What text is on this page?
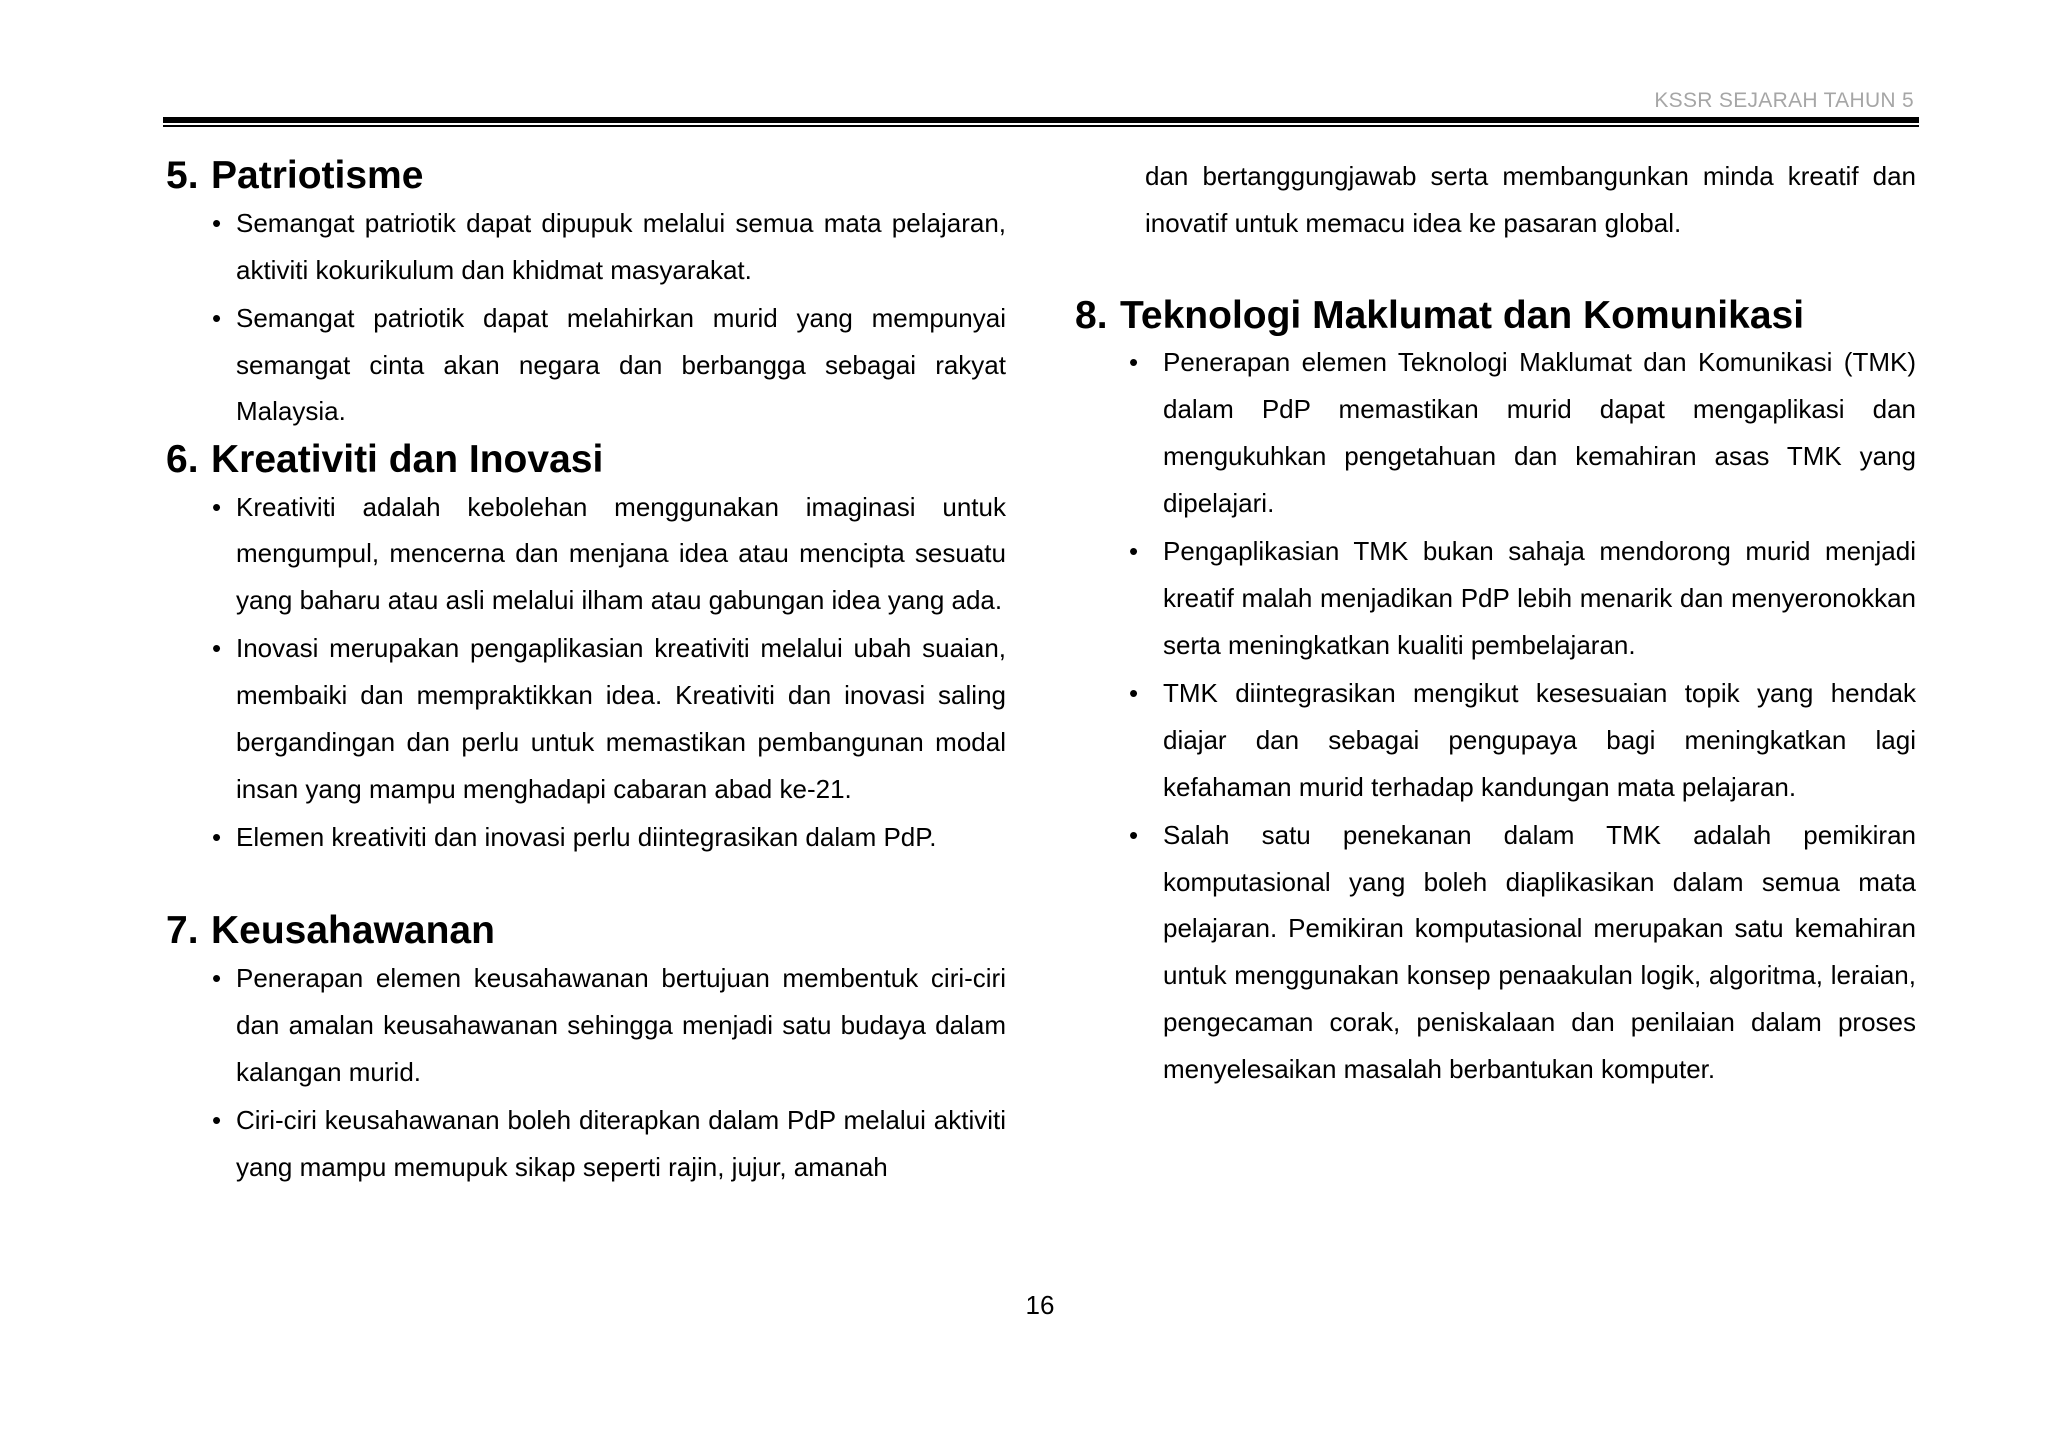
KSSR SEJARAH TAHUN 5
5. Patriotisme
• Semangat patriotik dapat dipupuk melalui semua mata pelajaran, aktiviti kokurikulum dan khidmat masyarakat.
• Semangat patriotik dapat melahirkan murid yang mempunyai semangat cinta akan negara dan berbangga sebagai rakyat Malaysia.
6. Kreativiti dan Inovasi
• Kreativiti adalah kebolehan menggunakan imaginasi untuk mengumpul, mencerna dan menjana idea atau mencipta sesuatu yang baharu atau asli melalui ilham atau gabungan idea yang ada.
• Inovasi merupakan pengaplikasian kreativiti melalui ubah suaian, membaiki dan mempraktikkan idea. Kreativiti dan inovasi saling bergandingan dan perlu untuk memastikan pembangunan modal insan yang mampu menghadapi cabaran abad ke-21.
• Elemen kreativiti dan inovasi perlu diintegrasikan dalam PdP.
7. Keusahawanan
• Penerapan elemen keusahawanan bertujuan membentuk ciri-ciri dan amalan keusahawanan sehingga menjadi satu budaya dalam kalangan murid.
• Ciri-ciri keusahawanan boleh diterapkan dalam PdP melalui aktiviti yang mampu memupuk sikap seperti rajin, jujur, amanah

dan bertanggungjawab serta membangunkan minda kreatif dan inovatif untuk memacu idea ke pasaran global.

8. Teknologi Maklumat dan Komunikasi
• Penerapan elemen Teknologi Maklumat dan Komunikasi (TMK) dalam PdP memastikan murid dapat mengaplikasi dan mengukuhkan pengetahuan dan kemahiran asas TMK yang dipelajari.
• Pengaplikasian TMK bukan sahaja mendorong murid menjadi kreatif malah menjadikan PdP lebih menarik dan menyeronokkan serta meningkatkan kualiti pembelajaran.
• TMK diintegrasikan mengikut kesesuaian topik yang hendak diajar dan sebagai pengupaya bagi meningkatkan lagi kefahaman murid terhadap kandungan mata pelajaran.
• Salah satu penekanan dalam TMK adalah pemikiran komputasional yang boleh diaplikasikan dalam semua mata pelajaran. Pemikiran komputasional merupakan satu kemahiran untuk menggunakan konsep penaakulan logik, algoritma, leraian, pengecaman corak, peniskalaan dan penilaian dalam proses menyelesaikan masalah berbantukan komputer.
16
